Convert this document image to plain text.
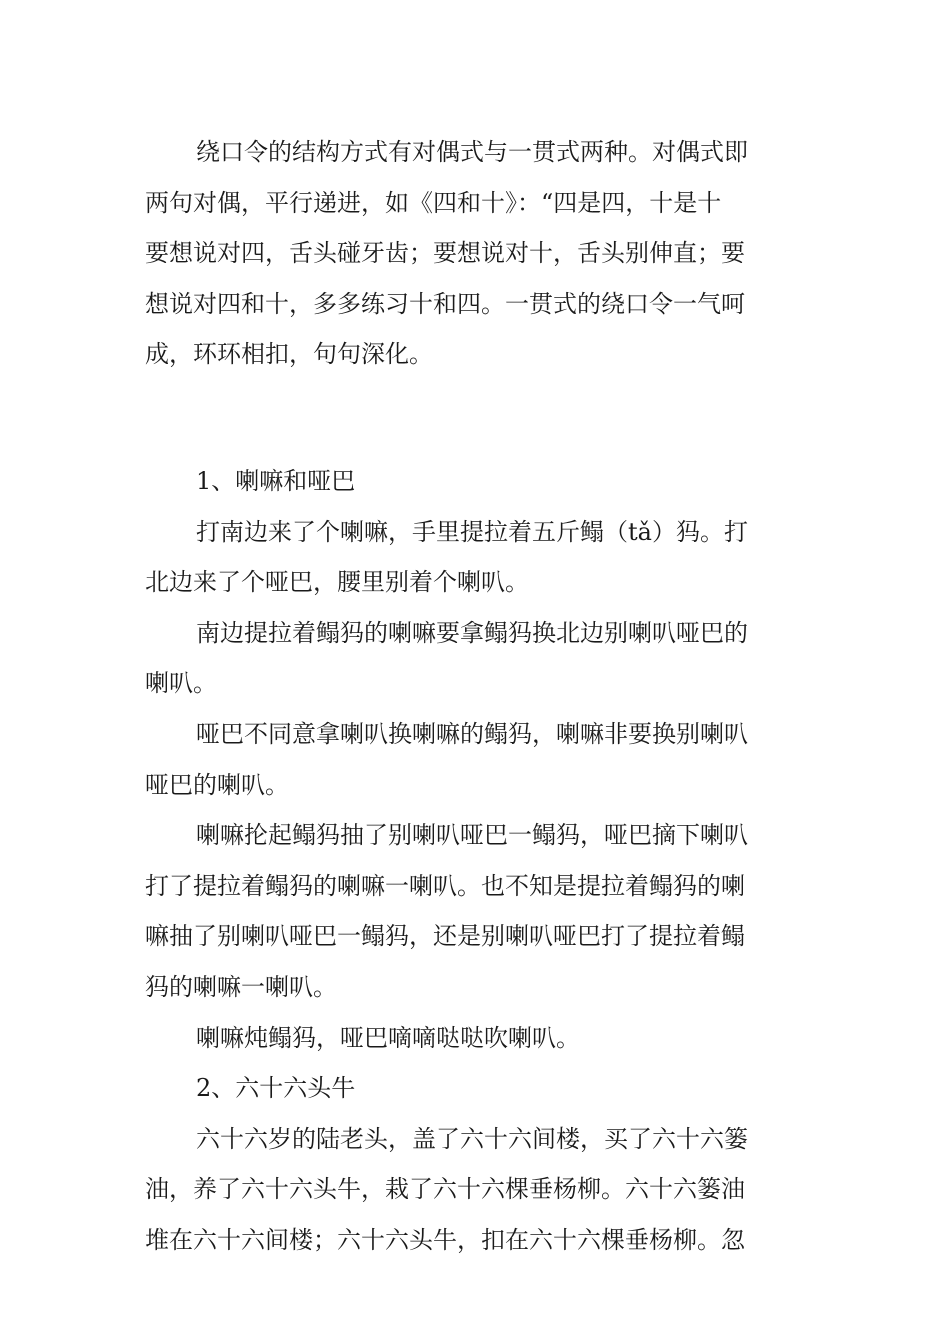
绕口令的结构方式有对偶式与一贯式两种。对偶式即
两句对偶，平行递进，如《四和十》：“四是四，十是十
要想说对四，舌头碰牙齿；要想说对十，舌头别伸直；要
想说对四和十，多多练习十和四。一贯式的绕口令一气呵
成，环环相扣，句句深化。
1、喇嘛和哑巴
打南边来了个喇嘛，手里提拉着五斤鳎（tǎ）犸。打
北边来了个哑巴，腰里别着个喇叭。
南边提拉着鳎犸的喇嘛要拿鳎犸换北边别喇叭哑巴的
喇叭。
哑巴不同意拿喇叭换喇嘛的鳎犸，喇嘛非要换别喇叭
哑巴的喇叭。
喇嘛抡起鳎犸抽了别喇叭哑巴一鳎犸，哑巴摘下喇叭
打了提拉着鳎犸的喇嘛一喇叭。也不知是提拉着鳎犸的喇
嘛抽了别喇叭哑巴一鳎犸，还是别喇叭哑巴打了提拉着鳎
犸的喇嘛一喇叭。
喇嘛炖鳎犸，哑巴嘀嘀哒哒吹喇叭。
2、六十六头牛
六十六岁的陆老头，盖了六十六间楼，买了六十六篓
油，养了六十六头牛，栽了六十六棵垂杨柳。六十六篓油
堆在六十六间楼；六十六头牛，扣在六十六棵垂杨柳。忽
